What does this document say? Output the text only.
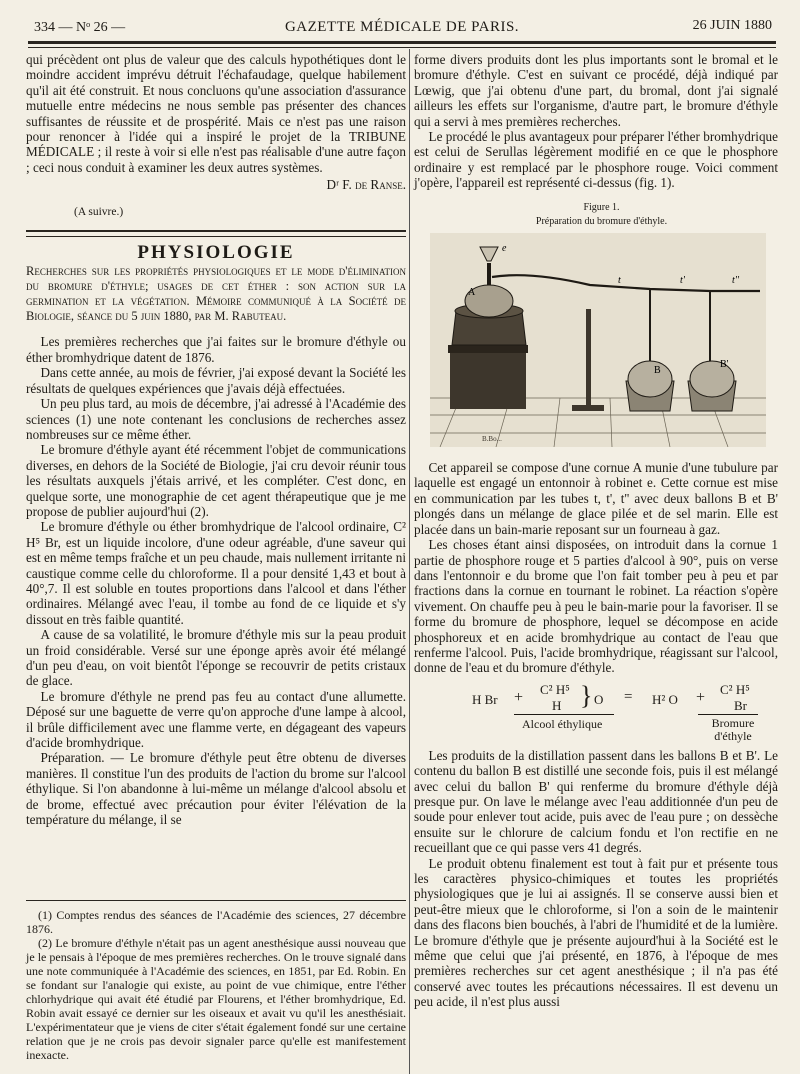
334 — Nᵒ 26 —	GAZETTE MÉDICALE DE PARIS.	26 JUIN 1880

qui précèdent ont plus de valeur que des calculs hypothétiques dont le moindre accident imprévu détruit l'échafaudage, quelque habilement qu'il ait été construit. Et nous concluons qu'une association d'assurance mutuelle entre médecins ne nous semble pas présenter des chances suffisantes de réussite et de prospérité. Mais ce n'est pas une raison pour renoncer à l'idée qui a inspiré le projet de la TRIBUNE MÉDICALE ; il reste à voir si elle n'est pas réalisable d'une autre façon ; ceci nous conduit à examiner les deux autres systèmes.

Dʳ F. de Ranse.
(A suivre.)
PHYSIOLOGIE

Recherches sur les propriétés physiologiques et le mode d'élimination du bromure d'éthyle; usages de cet éther : son action sur la germination et la végétation. Mémoire communiqué à la Société de Biologie, séance du 5 juin 1880, par M. Rabuteau.

Les premières recherches que j'ai faites sur le bromure d'éthyle ou éther bromhydrique datent de 1876.

Dans cette année, au mois de février, j'ai exposé devant la Société les résultats de quelques expériences que j'avais déjà effectuées.

Un peu plus tard, au mois de décembre, j'ai adressé à l'Académie des sciences (1) une note contenant les conclusions de recherches assez nombreuses sur ce même éther.

Le bromure d'éthyle ayant été récemment l'objet de communications diverses, en dehors de la Société de Biologie, j'ai cru devoir réunir tous les résultats auxquels j'étais arrivé, et les compléter. C'est donc, en quelque sorte, une monographie de cet agent thérapeutique que je me propose de publier aujourd'hui (2).

Le bromure d'éthyle ou éther bromhydrique de l'alcool ordinaire, C² H⁵ Br, est un liquide incolore, d'une odeur agréable, d'une saveur qui est en même temps fraîche et un peu chaude, mais nullement irritante ni caustique comme celle du chloroforme. Il a pour densité 1,43 et bout à 40°,7. Il est soluble en toutes proportions dans l'alcool et dans l'éther ordinaires. Mélangé avec l'eau, il tombe au fond de ce liquide et s'y dissout en très faible quantité.

A cause de sa volatilité, le bromure d'éthyle mis sur la peau produit un froid considérable. Versé sur une éponge après avoir été mélangé d'un peu d'eau, on voit bientôt l'éponge se recouvrir de petits cristaux de glace.

Le bromure d'éthyle ne prend pas feu au contact d'une allumette. Déposé sur une baguette de verre qu'on approche d'une lampe à alcool, il brûle difficilement avec une flamme verte, en dégageant des vapeurs d'acide bromhydrique.

Préparation. — Le bromure d'éthyle peut être obtenu de diverses manières. Il constitue l'un des produits de l'action du brome sur l'alcool éthylique. Si l'on abandonne à lui-même un mélange d'alcool absolu et de brome, effectué avec précaution pour éviter l'élévation de la température du mélange, il se

(1) Comptes rendus des séances de l'Académie des sciences, 27 décembre 1876.

(2) Le bromure d'éthyle n'était pas un agent anesthésique aussi nouveau que je le pensais à l'époque de mes premières recherches. On le trouve signalé dans une note communiquée à l'Académie des sciences, en 1851, par Ed. Robin. En se fondant sur l'analogie qui existe, au point de vue chimique, entre l'éther chlorhydrique qui avait été étudié par Flourens, et l'éther bromhydrique, Ed. Robin avait essayé ce dernier sur les oiseaux et avait vu qu'il les anesthésiait. L'expérimentateur que je viens de citer s'était également fondé sur une certaine relation que je ne crois pas devoir signaler parce qu'elle est manifestement inexacte.

forme divers produits dont les plus importants sont le bromal et le bromure d'éthyle. C'est en suivant ce procédé, déjà indiqué par Lœwig, que j'ai obtenu d'une part, du bromal, dont j'ai signalé ailleurs les effets sur l'organisme, d'autre part, le bromure d'éthyle qui a servi à mes premières recherches.

Le procédé le plus avantageux pour préparer l'éther bromhydrique est celui de Serullas légèrement modifié en ce que le phosphore ordinaire y est remplacé par le phosphore rouge. Voici comment j'opère, l'appareil est représenté ci-dessus (fig. 1).

Figure 1.

Préparation du bromure d'éthyle.

e
A
t	t'	t''
B
B'
B.Bo...

Cet appareil se compose d'une cornue A munie d'une tubulure par laquelle est engagé un entonnoir à robinet e. Cette cornue est mise en communication par les tubes t, t', t'' avec deux ballons B et B' plongés dans un mélange de glace pilée et de sel marin. Elle est placée dans un bain-marie reposant sur un fourneau à gaz.

Les choses étant ainsi disposées, on introduit dans la cornue 1 partie de phosphore rouge et 5 parties d'alcool à 90°, puis on verse dans l'entonnoir e du brome que l'on fait tomber peu à peu et par fractions dans la cornue en tournant le robinet. La réaction s'opère vivement. On chauffe peu à peu le bain-marie pour la favoriser. Il se forme du bromure de phosphore, lequel se décompose en acide phosphoreux et en acide bromhydrique au contact de l'eau que renferme l'alcool. Puis, l'acide bromhydrique, réagissant sur l'alcool, donne de l'eau et du bromure d'éthyle.

H Br + C² H⁵
H } O = H² O + C² H⁵
Br
Alcool éthylique	Bromure d'éthyle

Les produits de la distillation passent dans les ballons B et B'. Le contenu du ballon B est distillé une seconde fois, puis il est mélangé avec celui du ballon B' qui renferme du bromure d'éthyle déjà presque pur. On lave le mélange avec l'eau additionnée d'un peu de soude pour enlever tout acide, puis avec de l'eau pure ; on dessèche ensuite sur le chlorure de calcium fondu et l'on rectifie en ne recueillant que ce qui passe vers 41 degrés.

Le produit obtenu finalement est tout à fait pur et présente tous les caractères physico-chimiques et toutes les propriétés physiologiques que je lui ai assignés. Il se conserve aussi bien et peut-être mieux que le chloroforme, si l'on a soin de le maintenir dans des flacons bien bouchés, à l'abri de l'humidité et de la lumière. Le bromure d'éthyle que je présente aujourd'hui à la Société est le même que celui que j'ai présenté, en 1876, à l'époque de mes premières recherches sur cet agent anesthésique ; il n'a pas été conservé avec toutes les précautions nécessaires. Il est devenu un peu acide, il n'est plus aussi
